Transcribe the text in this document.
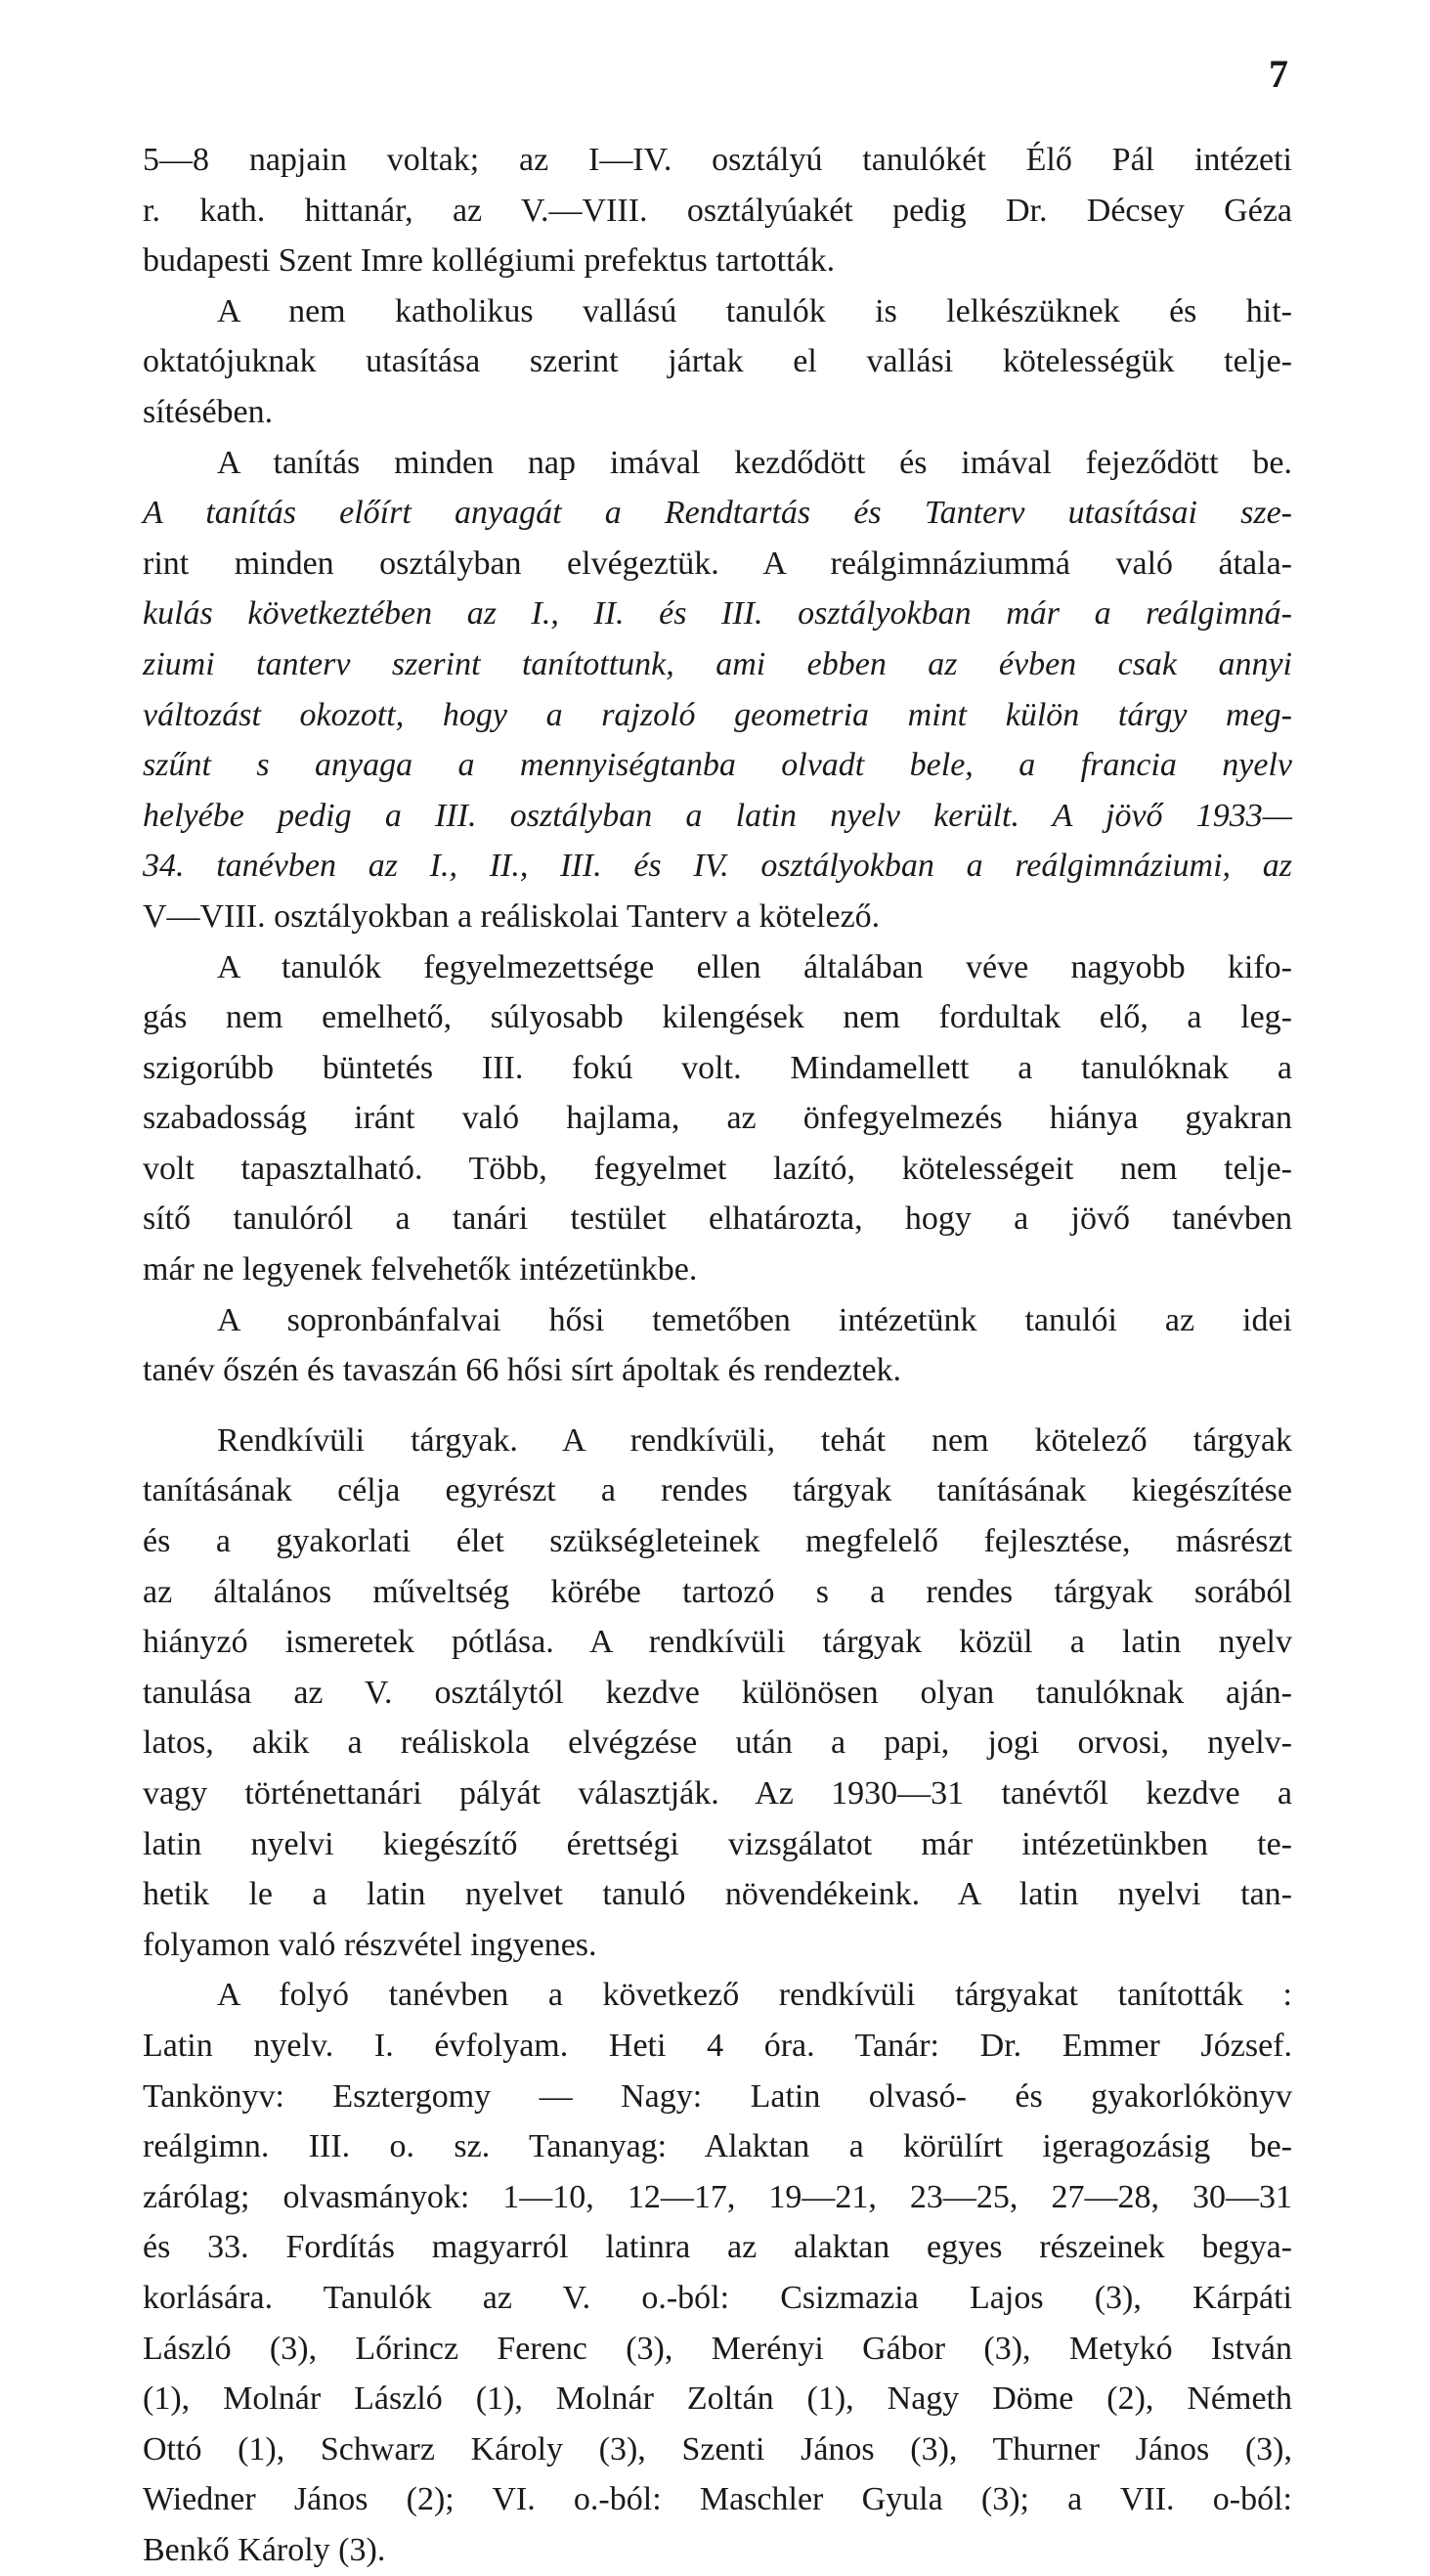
7
5—8 napjain voltak; az I—IV. osztályú tanulókét Élő Pál intézeti
r. kath. hittanár, az V.—VIII. osztályúakét pedig Dr. Décsey Géza
budapesti Szent Imre kollégiumi prefektus tartották.
A nem katholikus vallású tanulók is lelkészüknek és hit-
oktatójuknak utasítása szerint jártak el vallási kötelességük telje-
sítésében.
A tanítás minden nap imával kezdődött és imával fejeződött be.
A tanítás előírt anyagát a Rendtartás és Tanterv utasításai sze-
rint minden osztályban elvégeztük. A reálgimnáziummá való átala-
kulás következtében az I., II. és III. osztályokban már a reálgimná-
ziumi tanterv szerint tanítottunk, ami ebben az évben csak annyi
változást okozott, hogy a rajzoló geometria mint külön tárgy meg-
szűnt s anyaga a mennyiségtanba olvadt bele, a francia nyelv
helyébe pedig a III. osztályban a latin nyelv került. A jövő 1933—
34. tanévben az I., II., III. és IV. osztályokban a reálgimnáziumi, az
V—VIII. osztályokban a reáliskolai Tanterv a kötelező.
A tanulók fegyelmezettsége ellen általában véve nagyobb kifo-
gás nem emelhető, súlyosabb kilengések nem fordultak elő, a leg-
szigorúbb büntetés III. fokú volt. Mindamellett a tanulóknak a
szabadosság iránt való hajlama, az önfegyelmezés hiánya gyakran
volt tapasztalható. Több, fegyelmet lazító, kötelességeit nem telje-
sítő tanulóról a tanári testület elhatározta, hogy a jövő tanévben
már ne legyenek felvehetők intézetünkbe.
A sopronbánfalvai hősi temetőben intézetünk tanulói az idei
tanév őszén és tavaszán 66 hősi sírt ápoltak és rendeztek.
Rendkívüli tárgyak. A rendkívüli, tehát nem kötelező tárgyak
tanításának célja egyrészt a rendes tárgyak tanításának kiegészítése
és a gyakorlati élet szükségleteinek megfelelő fejlesztése, másrészt
az általános műveltség körébe tartozó s a rendes tárgyak sorából
hiányzó ismeretek pótlása. A rendkívüli tárgyak közül a latin nyelv
tanulása az V. osztálytól kezdve különösen olyan tanulóknak aján-
latos, akik a reáliskola elvégzése után a papi, jogi orvosi, nyelv-
vagy történettanári pályát választják. Az 1930—31 tanévtől kezdve a
latin nyelvi kiegészítő érettségi vizsgálatot már intézetünkben te-
hetik le a latin nyelvet tanuló növendékeink. A latin nyelvi tan-
folyamon való részvétel ingyenes.
A folyó tanévben a következő rendkívüli tárgyakat tanították :
Latin nyelv. I. évfolyam. Heti 4 óra. Tanár: Dr. Emmer József.
Tankönyv: Esztergomy — Nagy: Latin olvasó- és gyakorlókönyv
reálgimn. III. o. sz. Tananyag: Alaktan a körülírt igeragozásig be-
zárólag; olvasmányok: 1—10, 12—17, 19—21, 23—25, 27—28, 30—31
és 33. Fordítás magyarról latinra az alaktan egyes részeinek begya-
korlására. Tanulók az V. o.-ból: Csizmazia Lajos (3), Kárpáti
László (3), Lőrincz Ferenc (3), Merényi Gábor (3), Metykó István
(1), Molnár László (1), Molnár Zoltán (1), Nagy Döme (2), Németh
Ottó (1), Schwarz Károly (3), Szenti János (3), Thurner János (3),
Wiedner János (2); VI. o.-ból: Maschler Gyula (3); a VII. o-ból:
Benkő Károly (3).
